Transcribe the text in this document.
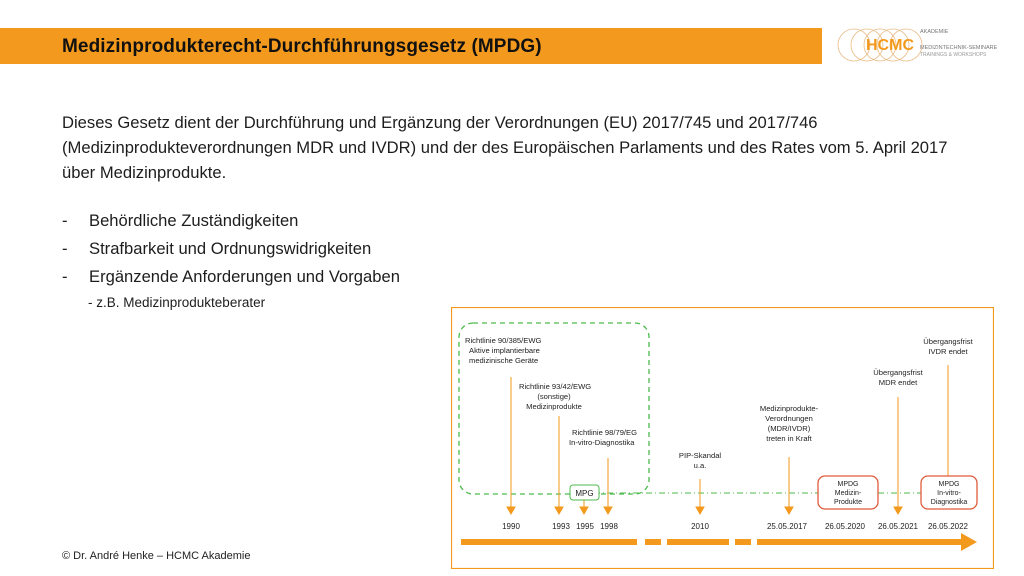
Medizinprodukterecht-Durchführungsgesetz (MPDG)	HCMC
AKADEMIE
MEDIZINTECHNIK-SEMINARE
TRAININGS & WORKSHOPS
Dieses Gesetz dient der Durchführung und Ergänzung der Verordnungen (EU) 2017/745 und 2017/746 (Medizinprodukteverordnungen MDR und IVDR) und der des Europäischen Parlaments und des Rates vom 5. April 2017 über Medizinprodukte.
-	Behördliche Zuständigkeiten
-	Strafbarkeit und Ordnungswidrigkeiten
-	Ergänzende Anforderungen und Vorgaben
- z.B. Medizinprodukteberater
Richtlinie 90/385/EWG
Aktive implantierbare
medizinische Geräte
Richtlinie 93/42/EWG
(sonstige)
Medizinprodukte
Richtlinie 98/79/EG
In-vitro-Diagnostika
PIP-Skandal
u.a.
Medizinprodukte-
Verordnungen
(MDR/IVDR)
treten in Kraft
Übergangsfrist
MDR endet
Übergangsfrist
IVDR endet
MPG
MPDG
Medizin-
Produkte
MPDG
In-vitro-
Diagnostika
1990	1993 1995 1998	2010	25.05.2017 26.05.2020 26.05.2021 26.05.2022
© Dr. André Henke – HCMC Akademie
